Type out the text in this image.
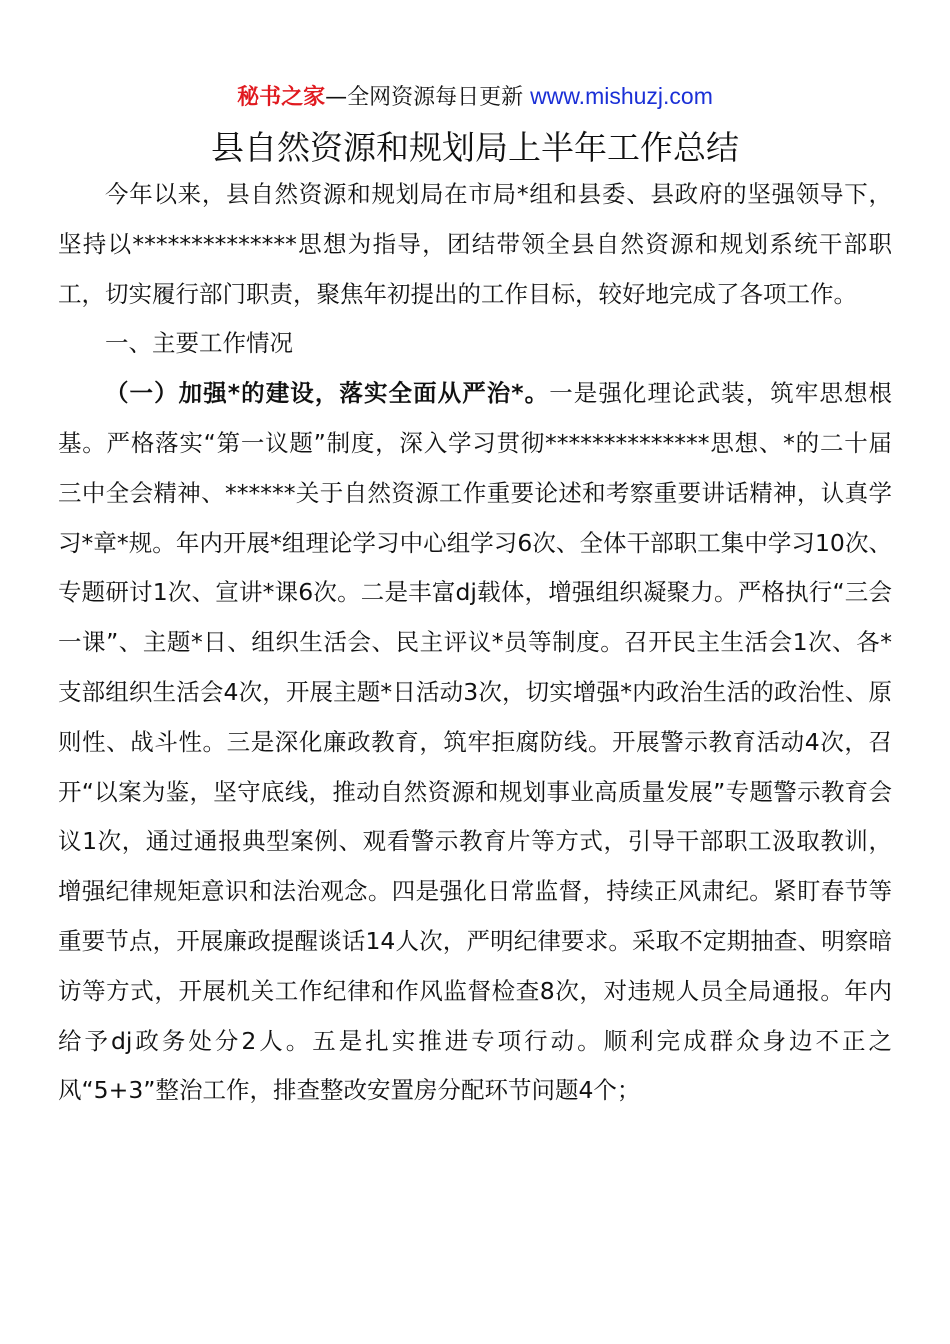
秘书之家—全网资源每日更新 www.mishuzj.com
县自然资源和规划局上半年工作总结

今年以来，县自然资源和规划局在市局*组和县委、县政府的坚强领导下，坚持以**************思想为指导，团结带领全县自然资源和规划系统干部职工，切实履行部门职责，聚焦年初提出的工作目标，较好地完成了各项工作。

一、主要工作情况

（一）加强*的建设，落实全面从严治*。一是强化理论武装，筑牢思想根基。严格落实“第一议题”制度，深入学习贯彻**************思想、*的二十届三中全会精神、******关于自然资源工作重要论述和考察重要讲话精神，认真学习*章*规。年内开展*组理论学习中心组学习6次、全体干部职工集中学习10次、专题研讨1次、宣讲*课6次。二是丰富dj载体，增强组织凝聚力。严格执行“三会一课”、主题*日、组织生活会、民主评议*员等制度。召开民主生活会1次、各*支部组织生活会4次，开展主题*日活动3次，切实增强*内政治生活的政治性、原则性、战斗性。三是深化廉政教育，筑牢拒腐防线。开展警示教育活动4次，召开“以案为鉴，坚守底线，推动自然资源和规划事业高质量发展”专题警示教育会议1次，通过通报典型案例、观看警示教育片等方式，引导干部职工汲取教训，增强纪律规矩意识和法治观念。四是强化日常监督，持续正风肃纪。紧盯春节等重要节点，开展廉政提醒谈话14人次，严明纪律要求。采取不定期抽查、明察暗访等方式，开展机关工作纪律和作风监督检查8次，对违规人员全局通报。年内给予dj政务处分2人。五是扎实推进专项行动。顺利完成群众身边不正之风“5+3”整治工作，排查整改安置房分配环节问题4个；
